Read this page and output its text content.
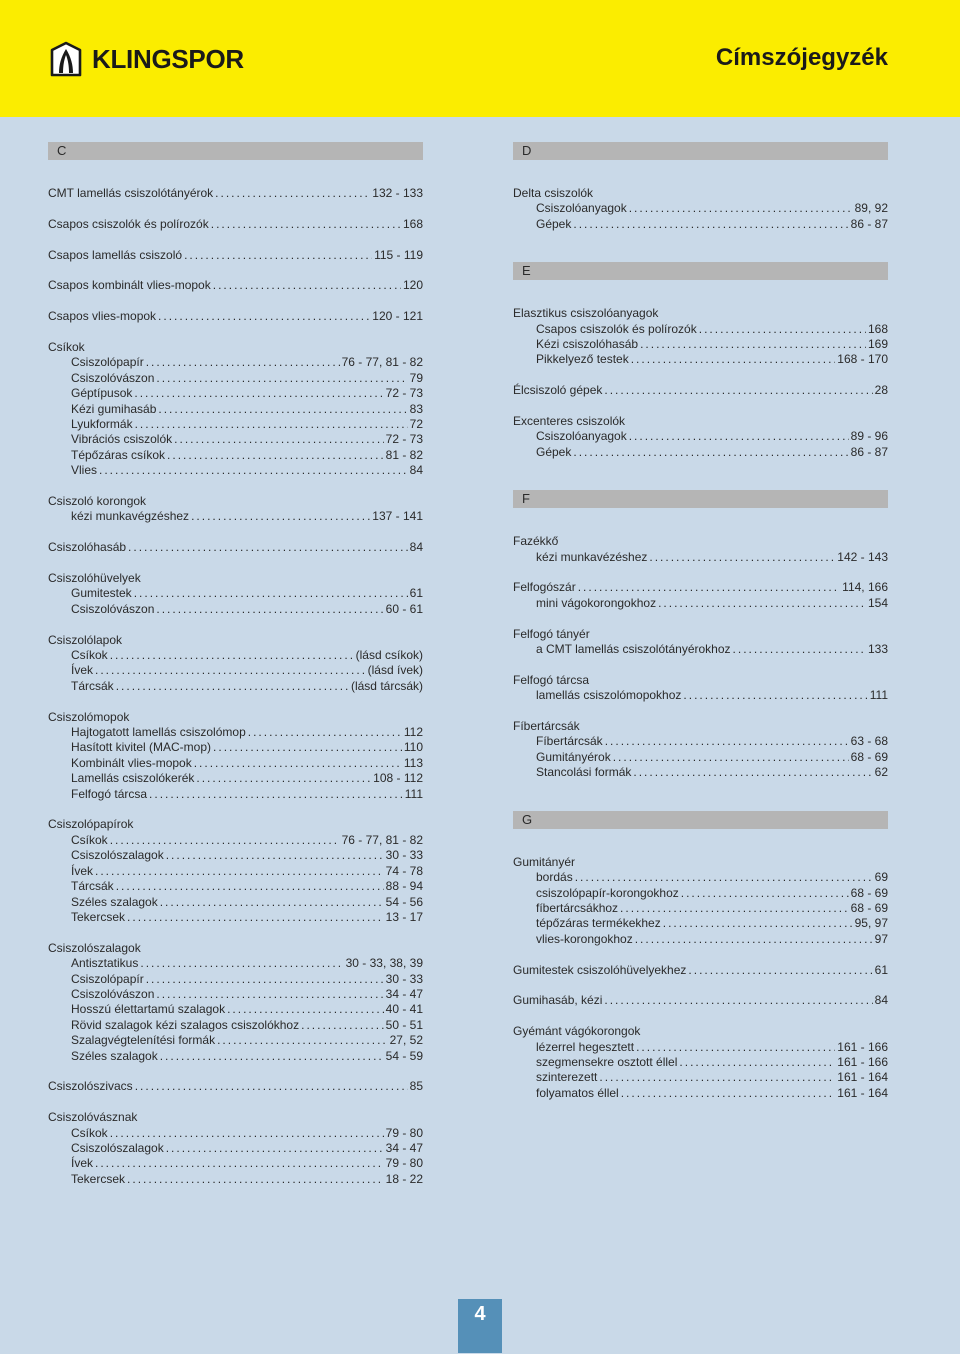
KLINGSPOR	Címszójegyzék
C
CMT lamellás csiszolótányérok .....	132 - 133
Csapos csiszolók és polírozók .....	168
Csapos lamellás csiszoló .....	115 - 119
Csapos kombinált vlies-mopok .....	120
Csapos vlies-mopok .....	120 - 121
Csíkok
Csiszolópapír .....	76 - 77, 81 - 82
Csiszolóvászon .....	79
Géptípusok .....	72 - 73
Kézi gumihasáb .....	83
Lyukformák .....	72
Vibrációs csiszolók .....	72 - 73
Tépőzáras csíkok .....	81 - 82
Vlies .....	84
Csiszoló korongok
kézi munkavégzéshez .....	137 - 141
Csiszolóhasáb .....	84
Csiszolóhüvelyek
Gumitestek .....	61
Csiszolóvászon .....	60 - 61
Csiszolólapok
Csíkok .....	(lásd csíkok)
Ívek .....	(lásd ívek)
Tárcsák .....	(lásd tárcsák)
Csiszolómopok
Hajtogatott lamellás csiszolómop .....	112
Hasított kivitel (MAC-mop) .....	110
Kombinált vlies-mopok .....	113
Lamellás csiszolókerék .....	108 - 112
Felfogó tárcsa .....	111
Csiszolópapírok
Csíkok .....	76 - 77, 81 - 82
Csiszolószalagok .....	30 - 33
Ívek .....	74 - 78
Tárcsák .....	88 - 94
Széles szalagok .....	54 - 56
Tekercsek .....	13 - 17
Csiszolószalagok
Antisztatikus .....	30 - 33, 38, 39
Csiszolópapír .....	30 - 33
Csiszolóvászon .....	34 - 47
Hosszú élettartamú szalagok .....	40 - 41
Rövid szalagok kézi szalagos csiszolókhoz .....	50 - 51
Szalagvégtelenítési formák .....	27, 52
Széles szalagok .....	54 - 59
Csiszolószivacs .....	85
Csiszolóvásznak
Csíkok .....	79 - 80
Csiszolószalagok .....	34 - 47
Ívek .....	79 - 80
Tekercsek .....	18 - 22
D
Delta csiszolók
Csiszolóanyagok .....	89, 92
Gépek .....	86 - 87
E
Elasztikus csiszolóanyagok
Csapos csiszolók és polírozók .....	168
Kézi csiszolóhasáb .....	169
Pikkelyező testek .....	168 - 170
Élcsiszoló gépek .....	28
Excenteres csiszolók
Csiszolóanyagok .....	89 - 96
Gépek .....	86 - 87
F
Fazékkő
kézi munkavézéshez .....	142 - 143
Felfogószár .....	114, 166
mini vágokorongokhoz .....	154
Felfogó tányér
a CMT lamellás csiszolótányérokhoz .....	133
Felfogó tárcsa
lamellás csiszolómopokhoz .....	111
Fíbertárcsák
Fíbertárcsák .....	63 - 68
Gumitányérok .....	68 - 69
Stancolási formák .....	62
G
Gumitányér
bordás .....	69
csiszolópapír-korongokhoz .....	68 - 69
fíbertárcsákhoz .....	68 - 69
tépőzáras termékekhez .....	95, 97
vlies-korongokhoz .....	97
Gumitestek csiszolóhüvelyekhez .....	61
Gumihasáb, kézi .....	84
Gyémánt vágókorongok
lézerrel hegesztett .....	161 - 166
szegmensekre osztott éllel .....	161 - 166
szinterezett .....	161 - 164
folyamatos éllel .....	161 - 164
4
